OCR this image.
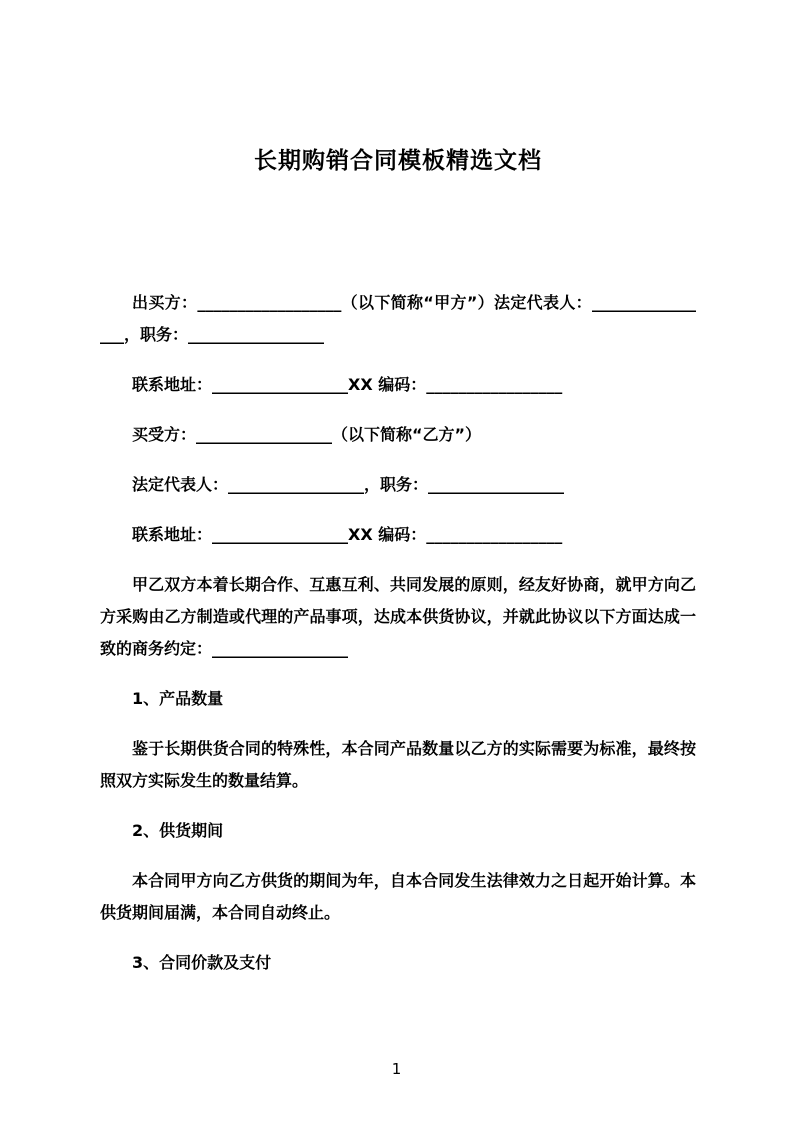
长期购销合同模板精选文档

出买方：__________________（以下简称“甲方”）法定代表人：________________，职务：_________________

联系地址：_________________XX 编码：_________________

买受方：_________________（以下简称“乙方”）

法定代表人：_________________，职务：_________________

联系地址：_________________XX 编码：_________________

甲乙双方本着长期合作、互惠互利、共同发展的原则，经友好协商，就甲方向乙方采购由乙方制造或代理的产品事项，达成本供货协议，并就此协议以下方面达成一致的商务约定：_________________

1、产品数量

鉴于长期供货合同的特殊性，本合同产品数量以乙方的实际需要为标准，最终按照双方实际发生的数量结算。

2、供货期间

本合同甲方向乙方供货的期间为年，自本合同发生法律效力之日起开始计算。本供货期间届满，本合同自动终止。

3、合同价款及支付

1
